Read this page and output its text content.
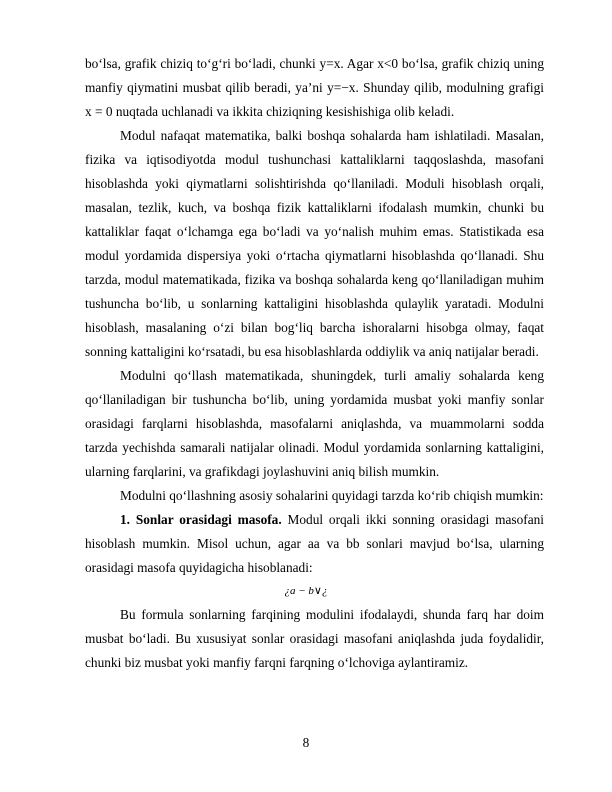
bo‘lsa, grafik chiziq to‘g‘ri bo‘ladi, chunki y=x. Agar x<0 bo‘lsa, grafik chiziq uning
manfiy qiymatini musbat qilib beradi, ya’ni y=−x. Shunday qilib, modulning grafigi
x = 0 nuqtada uchlanadi va ikkita chiziqning kesishishiga olib keladi.
Modul nafaqat matematika, balki boshqa sohalarda ham ishlatiladi. Masalan,
fizika va iqtisodiyotda modul tushunchasi kattaliklarni taqqoslashda, masofani
hisoblashda yoki qiymatlarni solishtirishda qo‘llaniladi. Moduli hisoblash orqali,
masalan, tezlik, kuch, va boshqa fizik kattaliklarni ifodalash mumkin, chunki bu
kattaliklar faqat o‘lchamga ega bo‘ladi va yo‘nalish muhim emas. Statistikada esa
modul yordamida dispersiya yoki o‘rtacha qiymatlarni hisoblashda qo‘llanadi. Shu
tarzda, modul matematikada, fizika va boshqa sohalarda keng qo‘llaniladigan muhim
tushuncha bo‘lib, u sonlarning kattaligini hisoblashda qulaylik yaratadi. Modulni
hisoblash, masalaning o‘zi bilan bog‘liq barcha ishoralarni hisobga olmay, faqat
sonning kattaligini ko‘rsatadi, bu esa hisoblashlarda oddiylik va aniq natijalar beradi.
Modulni qo‘llash matematikada, shuningdek, turli amaliy sohalarda keng
qo‘llaniladigan bir tushuncha bo‘lib, uning yordamida musbat yoki manfiy sonlar
orasidagi farqlarni hisoblashda, masofalarni aniqlashda, va muammolarni sodda
tarzda yechishda samarali natijalar olinadi. Modul yordamida sonlarning kattaligini,
ularning farqlarini, va grafikdagi joylashuvini aniq bilish mumkin.
Modulni qo‘llashning asosiy sohalarini quyidagi tarzda ko‘rib chiqish mumkin:
1. Sonlar orasidagi masofa. Modul orqali ikki sonning orasidagi masofani
hisoblash mumkin. Misol uchun, agar aa va bb sonlari mavjud bo‘lsa, ularning
orasidagi masofa quyidagicha hisoblanadi:
¿a − b∨¿
Bu formula sonlarning farqining modulini ifodalaydi, shunda farq har doim
musbat bo‘ladi. Bu xususiyat sonlar orasidagi masofani aniqlashda juda foydalidir,
chunki biz musbat yoki manfiy farqni farqning o‘lchoviga aylantiramiz.
8
